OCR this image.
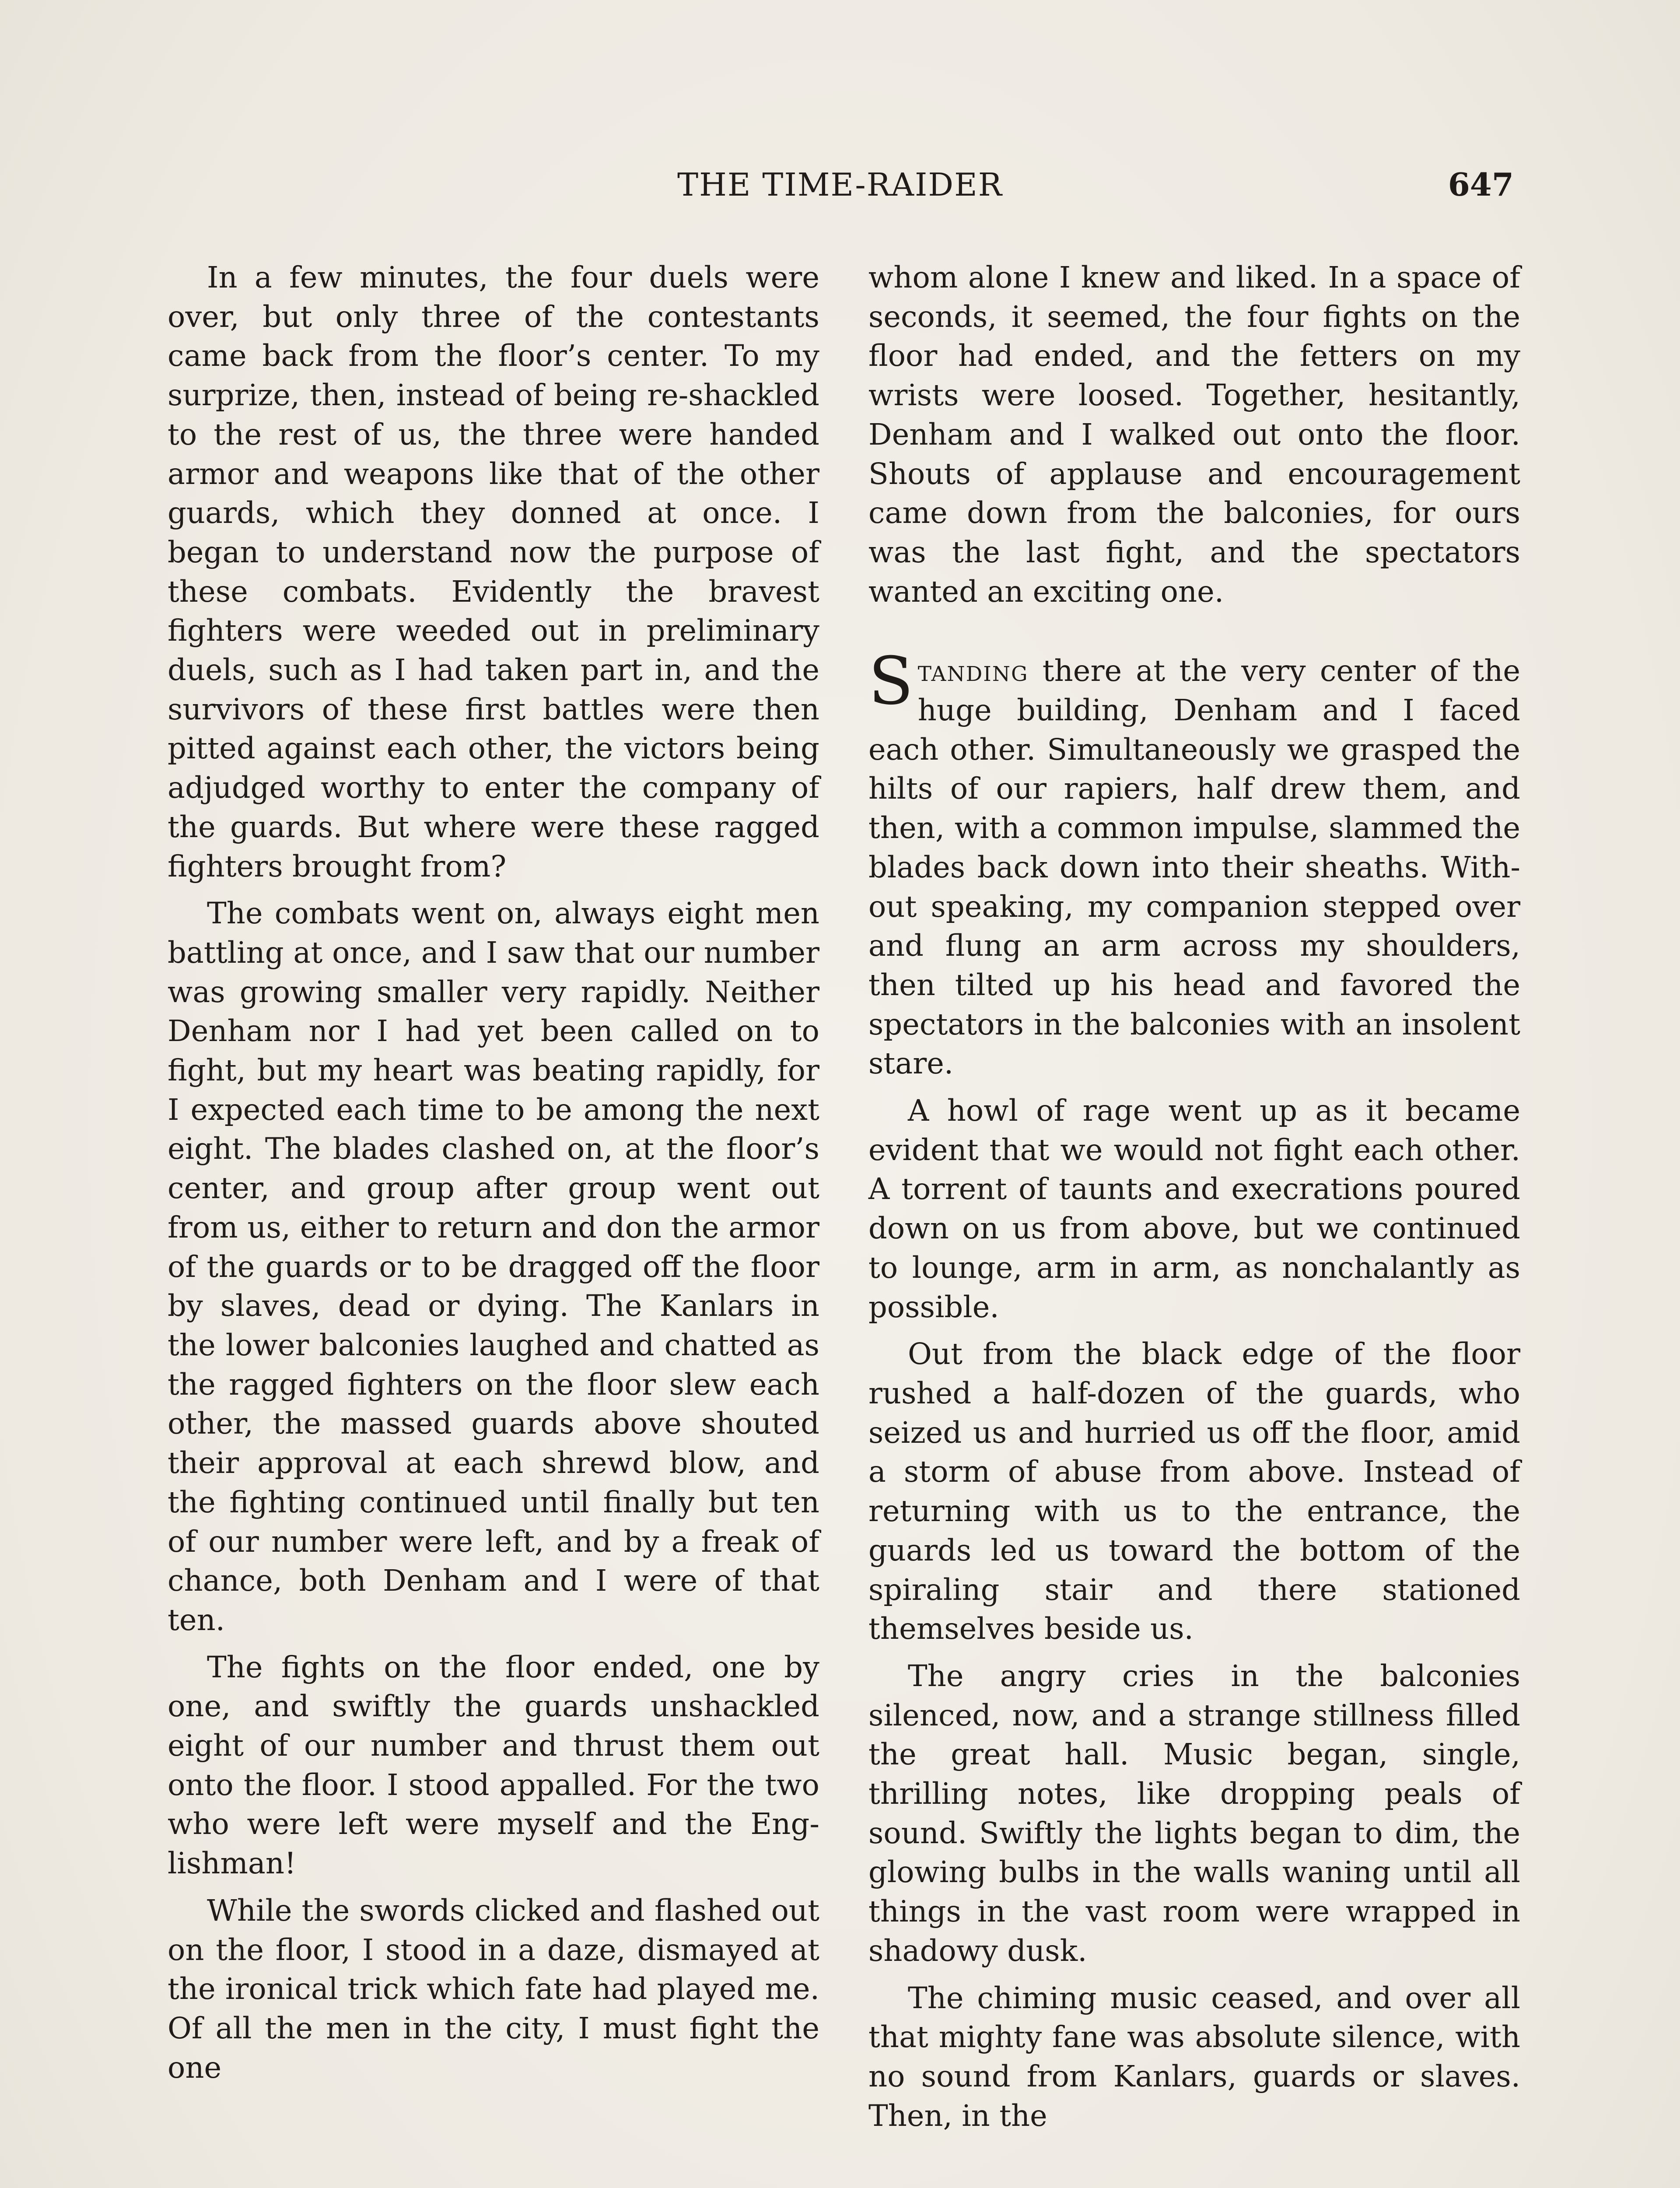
THE TIME-RAIDER	647

In a few minutes, the four duels were over, but only three of the contestants came back from the floor’s center. To my surprize, then, instead of being re-shackled to the rest of us, the three were handed armor and weapons like that of the other guards, which they donned at once. I began to understand now the purpose of these combats. Evidently the bravest fighters were weeded out in preliminary duels, such as I had taken part in, and the survivors of these first battles were then pitted against each other, the victors being adjudged worthy to enter the company of the guards. But where were these ragged fighters brought from?

The combats went on, always eight men battling at once, and I saw that our number was growing smaller very rapidly. Neither Denham nor I had yet been called on to fight, but my heart was beating rapidly, for I expected each time to be among the next eight. The blades clashed on, at the floor’s center, and group after group went out from us, either to return and don the armor of the guards or to be dragged off the floor by slaves, dead or dying. The Kanlars in the lower balconies laughed and chatted as the ragged fighters on the floor slew each other, the massed guards above shouted their approval at each shrewd blow, and the fighting continued until finally but ten of our number were left, and by a freak of chance, both Denham and I were of that ten.

The fights on the floor ended, one by one, and swiftly the guards unshackled eight of our number and thrust them out onto the floor. I stood appalled. For the two who were left were myself and the Englishman!

While the swords clicked and flashed out on the floor, I stood in a daze, dismayed at the ironical trick which fate had played me. Of all the men in the city, I must fight the one

whom alone I knew and liked. In a space of seconds, it seemed, the four fights on the floor had ended, and the fetters on my wrists were loosed. Together, hesitantly, Denham and I walked out onto the floor. Shouts of applause and encouragement came down from the balconies, for ours was the last fight, and the spectators wanted an exciting one.

Standing there at the very center of the huge building, Denham and I faced each other. Simultaneously we grasped the hilts of our rapiers, half drew them, and then, with a common impulse, slammed the blades back down into their sheaths. Without speaking, my companion stepped over and flung an arm across my shoulders, then tilted up his head and favored the spectators in the balconies with an insolent stare.

A howl of rage went up as it became evident that we would not fight each other. A torrent of taunts and execrations poured down on us from above, but we continued to lounge, arm in arm, as nonchalantly as possible.

Out from the black edge of the floor rushed a half-dozen of the guards, who seized us and hurried us off the floor, amid a storm of abuse from above. Instead of returning with us to the entrance, the guards led us toward the bottom of the spiraling stair and there stationed themselves beside us.

The angry cries in the balconies silenced, now, and a strange stillness filled the great hall. Music began, single, thrilling notes, like dropping peals of sound. Swiftly the lights began to dim, the glowing bulbs in the walls waning until all things in the vast room were wrapped in shadowy dusk.

The chiming music ceased, and over all that mighty fane was absolute silence, with no sound from Kanlars, guards or slaves. Then, in the
